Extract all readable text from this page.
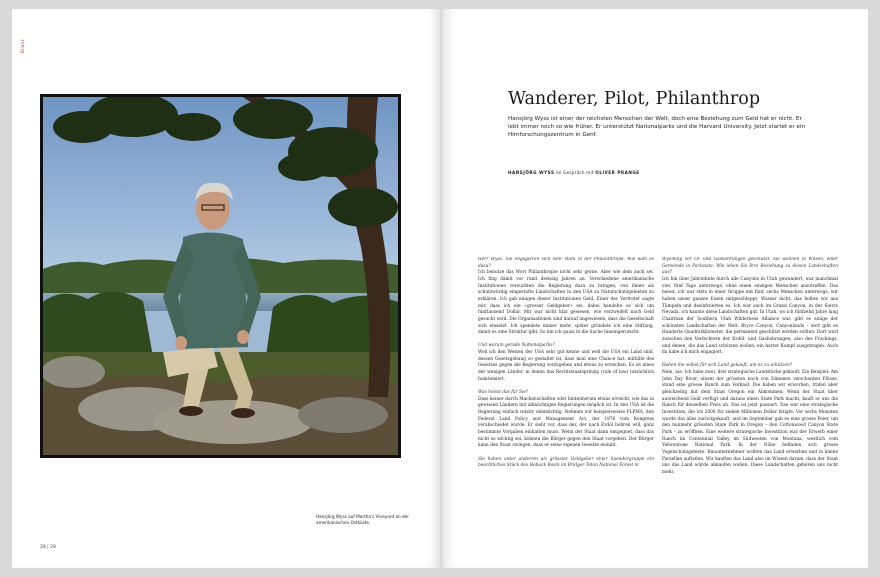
Bilanz
Hansjörg Wyss auf Martha's Vineyard an der amerikanischen Ostküste.
28 | 29
Wanderer, Pilot, Philanthrop
Hansjörg Wyss ist einer der reichsten Menschen der Welt, doch eine Beziehung zum Geld hat er nicht. Er lebt immer noch so wie früher. Er unterstützt Nationalparks und die Harvard University. Jetzt startet er ein Hirnforschungszentrum in Genf.
HANSJÖRG WYSS im Gespräch mit OLIVER PRANGE

Herr Wyss, Sie engagieren sich sehr stark in der Philanthropie. Wie kam es dazu?
Ich benutze das Wort Philanthropie nicht sehr gerne. Aber wie dem auch sei. Ich fing damit vor rund dreissig Jahren an. Verschiedene amerikanische Institutionen versuchten die Regierung dazu zu bringen, von ihnen als schutzwürdig eingestufte Landschaften in den USA zu Naturschutzgebieten zu erklären. Ich gab einigen dieser Institutionen Geld. Einer der Vertreter sagte mir, dass ich ein «grosser Geldgeber» sei, dabei handelte es sich um fünftausend Dollar. Mir war nicht klar gewesen, wie verzweifelt nach Geld gesucht wird. Die Organisationen sind darauf angewiesen, dass die Gesellschaft sich einsetzt. Ich spendete immer mehr, später gründete ich eine Stiftung, damit es eine Struktur gibt. So bin ich quasi in die Sache hineingerutscht.

Und warum gerade Nationalparks?
Weil ich den Westen der USA sehr gut kenne und weil die USA ein Land sind, dessen Gesetzgebung so gestaltet ist, dass man eine Chance hat, mithilfe des Gesetzes gegen die Regierung vorzugehen und etwas zu erreichen. Es ist eines der wenigen Länder, in denen das Rechtsstaatsprinzip (rule of law) tatsächlich funktioniert.

Was heisst das für Sie?
Dass keiner durch Machenschaften oder hintenherum etwas erreicht, wie das in gewissen Ländern mit allmächtigen Regierungen möglich ist. In den USA ist die Regierung einfach relativ ohnmächtig. Nehmen wir beispielsweise FLPMA, den Federal Land Policy and Management Act, der 1976 vom Kongress verabschiedet wurde. Er sieht vor, dass der, der nach Erdöl bohren will, ganz bestimmte Vorgaben einhalten muss. Wenn der Staat dann entgegnet, dass das nicht so wichtig sei, können die Bürger gegen den Staat vorgehen. Der Bürger kann den Staat zwingen, dass er seine eigenen Gesetze einhält.

Sie haben unter anderem als grösster Geldgeber einer Spendergruppe ein beachtliches Stück des Hoback Basin im Bridger-Teton National Forest in

Wyoming vor Öl- und Gasbohrungen geschützt. Sie wohnen in Wilson, einer Gemeinde in Parkstate. Wie leben Sie Ihre Beziehung zu diesen Landschaften aus?
Ich bin über Jahrzehnte durch alle Canyons in Utah gewandert, war manchmal vier, fünf Tage unterwegs, ohne einen einzigen Menschen anzutreffen. Das heisst, ich war stets in einer Gruppe mit fünf, sechs Menschen unterwegs, wir haben unser ganzes Essen mitgeschleppt. Wasser nicht, das holten wir aus Tümpeln und desinfizierten es. Ich war auch im Grand Canyon, in der Sierra Nevada, ich kannte diese Landschaften gut. In Utah, wo ich fünfzehn Jahre lang Chairman der Southern Utah Wilderness Alliance war, gibt es einige der schönsten Landschaften der Welt. Bryce Canyon, Canyonlands – dort gibt es Hunderte Quadratkilometer, die permanent geschützt werden sollten. Dort wird zwischen den Verfechtern der Erdöl- und Gasbohrungen, also des Frackings, und denen, die das Land schützen wollen, ein harter Kampf ausgetragen. Auch da habe ich mich engagiert.

Haben Sie selbst für sich Land gekauft, um es zu schützen?
Nein, nie. Ich habe zwei, drei strategische Landstücke gekauft. Ein Beispiel: Am John Day River, einem der grössten noch von Dämmen verschonten Flüsse, stand eine grosse Ranch zum Verkauf. Die haben wir erworben, trafen aber gleichzeitig mit dem Staat Oregon ein Abkommen: Wenn der Staat über ausreichend Geld verfügt und daraus einen State Park macht, kauft er uns die Ranch für denselben Preis ab. Das ist jetzt passiert. Das war eine strategische Investition, die ich 2008 für sieben Millionen Dollar tätigte. Vor sechs Monaten wurde das alles zurückgekauft, und im September gab es eine grosse Feier, um den nunmehr grössten State Park in Oregon – den Cottonwood Canyon State Park – zu eröffnen. Eine weitere strategische Investition war der Erwerb einer Ranch im Centennial Valley im Südwesten von Montana, westlich vom Yellowstone National Park. In der Nähe befinden sich grosse Vogelschutzgebiete. Bauunternehmer wollten das Land erwerben und in kleine Parzellen aufteilen. Wir kauften das Land also im Wissen darum, dass der Staat uns das Land würde abkaufen wollen. Diese Landschaften gehören uns nicht mehr,
